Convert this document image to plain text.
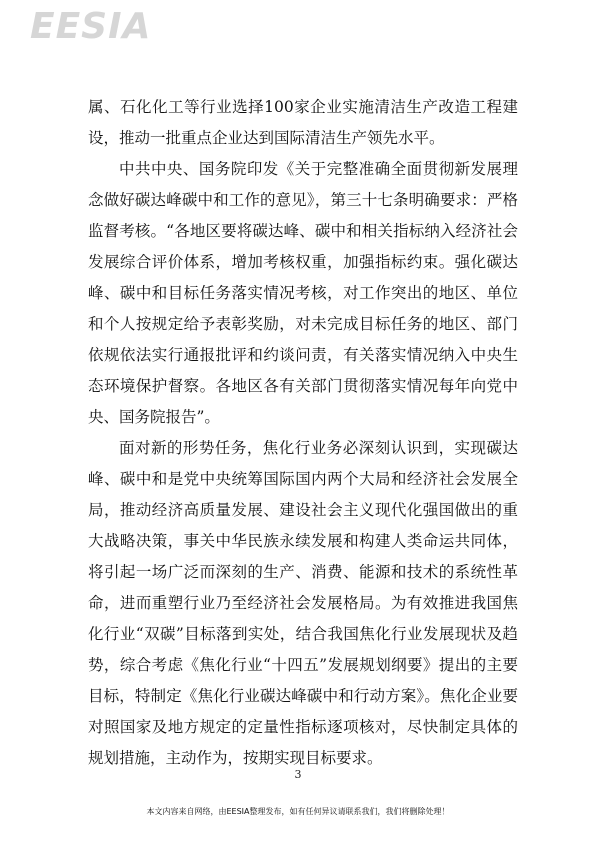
EESIA

属、石化化工等行业选择100家企业实施清洁生产改造工程建设，推动一批重点企业达到国际清洁生产领先水平。

中共中央、国务院印发《关于完整准确全面贯彻新发展理念做好碳达峰碳中和工作的意见》，第三十七条明确要求：严格监督考核。“各地区要将碳达峰、碳中和相关指标纳入经济社会发展综合评价体系，增加考核权重，加强指标约束。强化碳达峰、碳中和目标任务落实情况考核，对工作突出的地区、单位和个人按规定给予表彰奖励，对未完成目标任务的地区、部门依规依法实行通报批评和约谈问责，有关落实情况纳入中央生态环境保护督察。各地区各有关部门贯彻落实情况每年向党中央、国务院报告”。

面对新的形势任务，焦化行业务必深刻认识到，实现碳达峰、碳中和是党中央统筹国际国内两个大局和经济社会发展全局，推动经济高质量发展、建设社会主义现代化强国做出的重大战略决策，事关中华民族永续发展和构建人类命运共同体，将引起一场广泛而深刻的生产、消费、能源和技术的系统性革命，进而重塑行业乃至经济社会发展格局。为有效推进我国焦化行业“双碳”目标落到实处，结合我国焦化行业发展现状及趋势，综合考虑《焦化行业“十四五”发展规划纲要》提出的主要目标，特制定《焦化行业碳达峰碳中和行动方案》。焦化企业要对照国家及地方规定的定量性指标逐项核对，尽快制定具体的规划措施，主动作为，按期实现目标要求。

3
本文内容来自网络，由EESIA整理发布，如有任何异议请联系我们，我们将删除处理！
